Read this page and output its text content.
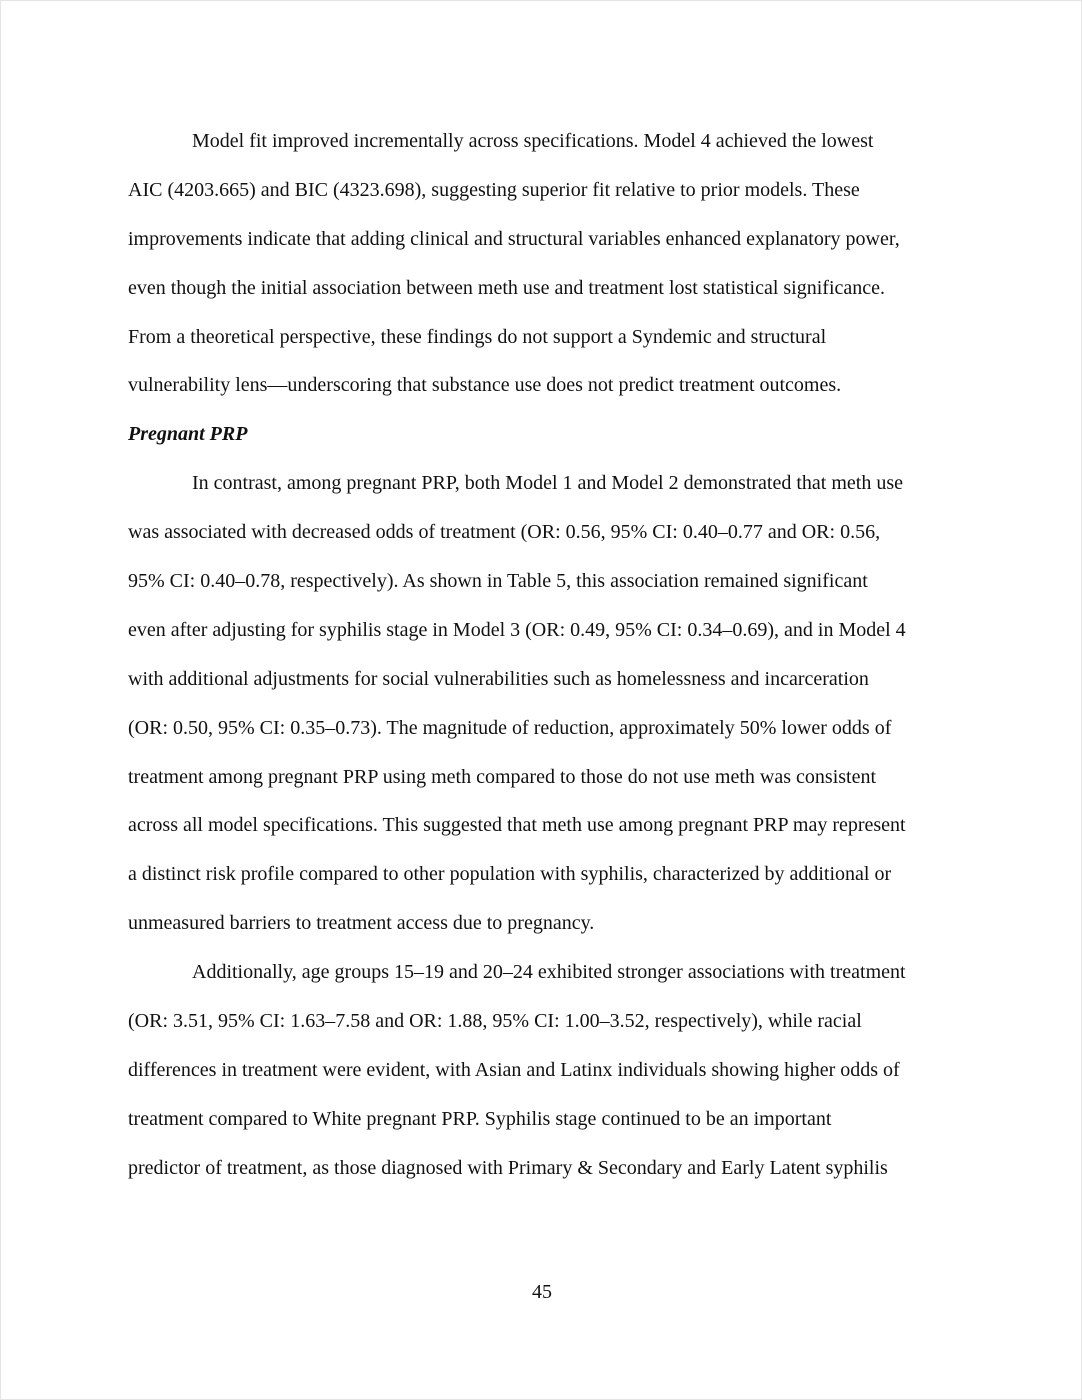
Model fit improved incrementally across specifications. Model 4 achieved the lowest
AIC (4203.665) and BIC (4323.698), suggesting superior fit relative to prior models. These
improvements indicate that adding clinical and structural variables enhanced explanatory power,
even though the initial association between meth use and treatment lost statistical significance.
From a theoretical perspective, these findings do not support a Syndemic and structural
vulnerability lens—underscoring that substance use does not predict treatment outcomes.
Pregnant PRP
In contrast, among pregnant PRP, both Model 1 and Model 2 demonstrated that meth use
was associated with decreased odds of treatment (OR: 0.56, 95% CI: 0.40–0.77 and OR: 0.56,
95% CI: 0.40–0.78, respectively). As shown in Table 5, this association remained significant
even after adjusting for syphilis stage in Model 3 (OR: 0.49, 95% CI: 0.34–0.69), and in Model 4
with additional adjustments for social vulnerabilities such as homelessness and incarceration
(OR: 0.50, 95% CI: 0.35–0.73). The magnitude of reduction, approximately 50% lower odds of
treatment among pregnant PRP using meth compared to those do not use meth was consistent
across all model specifications. This suggested that meth use among pregnant PRP may represent
a distinct risk profile compared to other population with syphilis, characterized by additional or
unmeasured barriers to treatment access due to pregnancy.
Additionally, age groups 15–19 and 20–24 exhibited stronger associations with treatment
(OR: 3.51, 95% CI: 1.63–7.58 and OR: 1.88, 95% CI: 1.00–3.52, respectively), while racial
differences in treatment were evident, with Asian and Latinx individuals showing higher odds of
treatment compared to White pregnant PRP. Syphilis stage continued to be an important
predictor of treatment, as those diagnosed with Primary & Secondary and Early Latent syphilis
45
